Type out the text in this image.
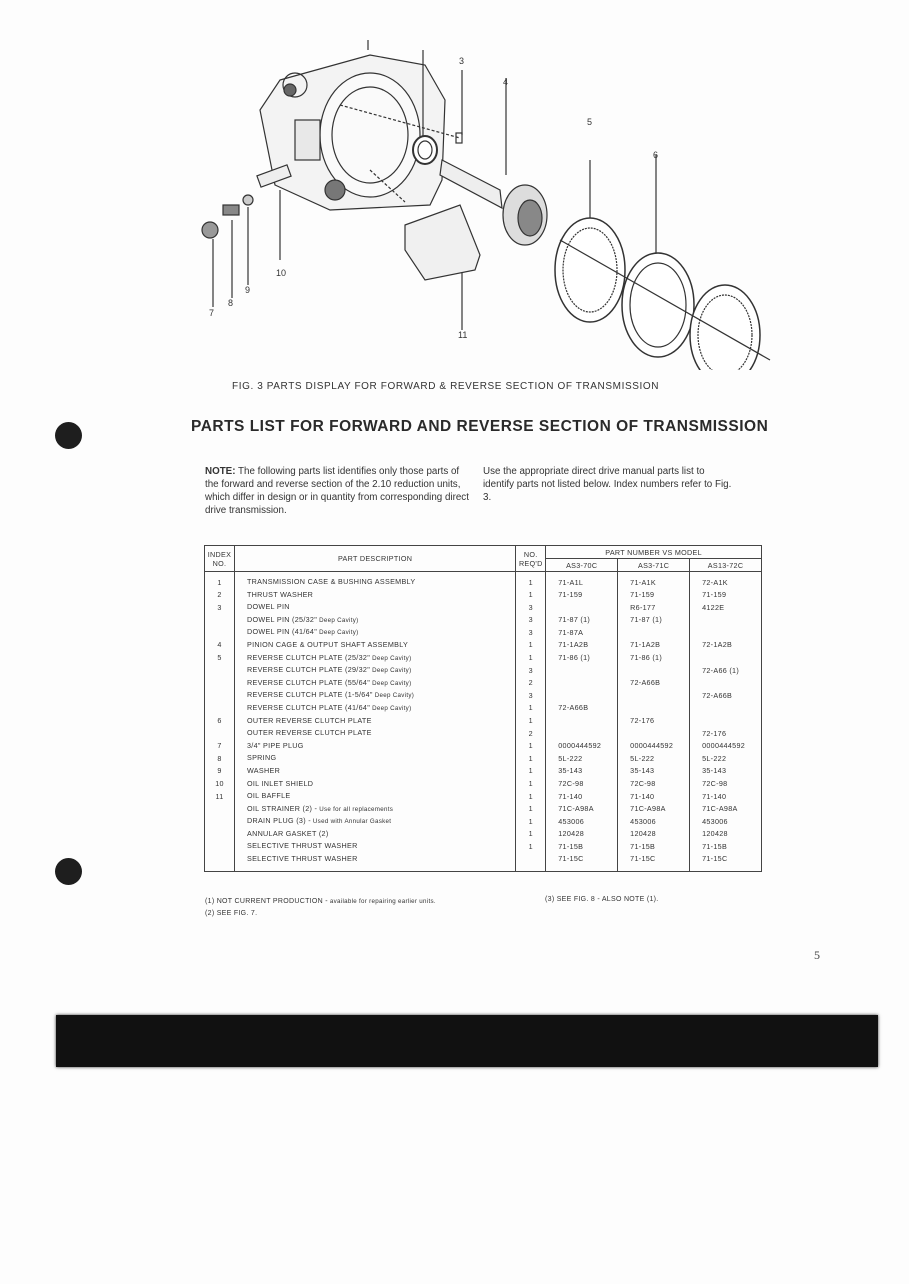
3
4
5
6
7
8
9
10
11
FIG. 3 PARTS DISPLAY FOR FORWARD & REVERSE SECTION OF TRANSMISSION
PARTS LIST FOR FORWARD AND REVERSE SECTION OF TRANSMISSION
NOTE: The following parts list identifies only those parts of the forward and reverse section of the 2.10 reduction units, which differ in design or in quantity from corresponding direct drive transmission.
Use the appropriate direct drive manual parts list to identify parts not listed below. Index numbers refer to Fig. 3.
INDEX NO.	PART DESCRIPTION	NO. REQ'D	PART NUMBER VS MODEL		
			AS3-70C	AS3-71C	AS13-72C
1	TRANSMISSION CASE & BUSHING ASSEMBLY	1	71-A1L	71-A1K	72-A1K
2	THRUST WASHER	1	71-159	71-159	71-159
3	DOWEL PIN	3		R6-177	4122E
	DOWEL PIN (25/32" Deep Cavity)	3	71-87 (1)	71-87 (1)	
	DOWEL PIN (41/64" Deep Cavity)	3	71-87A		
4	PINION CAGE & OUTPUT SHAFT ASSEMBLY	1	71-1A2B	71-1A2B	72-1A2B
5	REVERSE CLUTCH PLATE (25/32" Deep Cavity)	1	71-86 (1)	71-86 (1)	
	REVERSE CLUTCH PLATE (29/32" Deep Cavity)	3			72-A66 (1)
	REVERSE CLUTCH PLATE (55/64" Deep Cavity)	2		72-A66B	
	REVERSE CLUTCH PLATE (1-5/64" Deep Cavity)	3			72-A66B
	REVERSE CLUTCH PLATE (41/64" Deep Cavity)	1	72-A66B		
6	OUTER REVERSE CLUTCH PLATE	1		72-176	
	OUTER REVERSE CLUTCH PLATE	2			72-176
7	3/4" PIPE PLUG	1	0000444592	0000444592	0000444592
8	SPRING	1	5L-222	5L-222	5L-222
9	WASHER	1	35-143	35-143	35-143
10	OIL INLET SHIELD	1	72C-98	72C-98	72C-98
11	OIL BAFFLE	1	71-140	71-140	71-140
	OIL STRAINER (2) - Use for all replacements	1	71C-A98A	71C-A98A	71C-A98A
	DRAIN PLUG (3) - Used with Annular Gasket	1	453006	453006	453006
	ANNULAR GASKET (2)	1	120428	120428	120428
	SELECTIVE THRUST WASHER	1	71-15B	71-15B	71-15B
	SELECTIVE THRUST WASHER		71-15C	71-15C	71-15C
(1) NOT CURRENT PRODUCTION - available for repairing earlier units.
(2) SEE FIG. 7.
(3) SEE FIG. 8 - ALSO NOTE (1).
5
